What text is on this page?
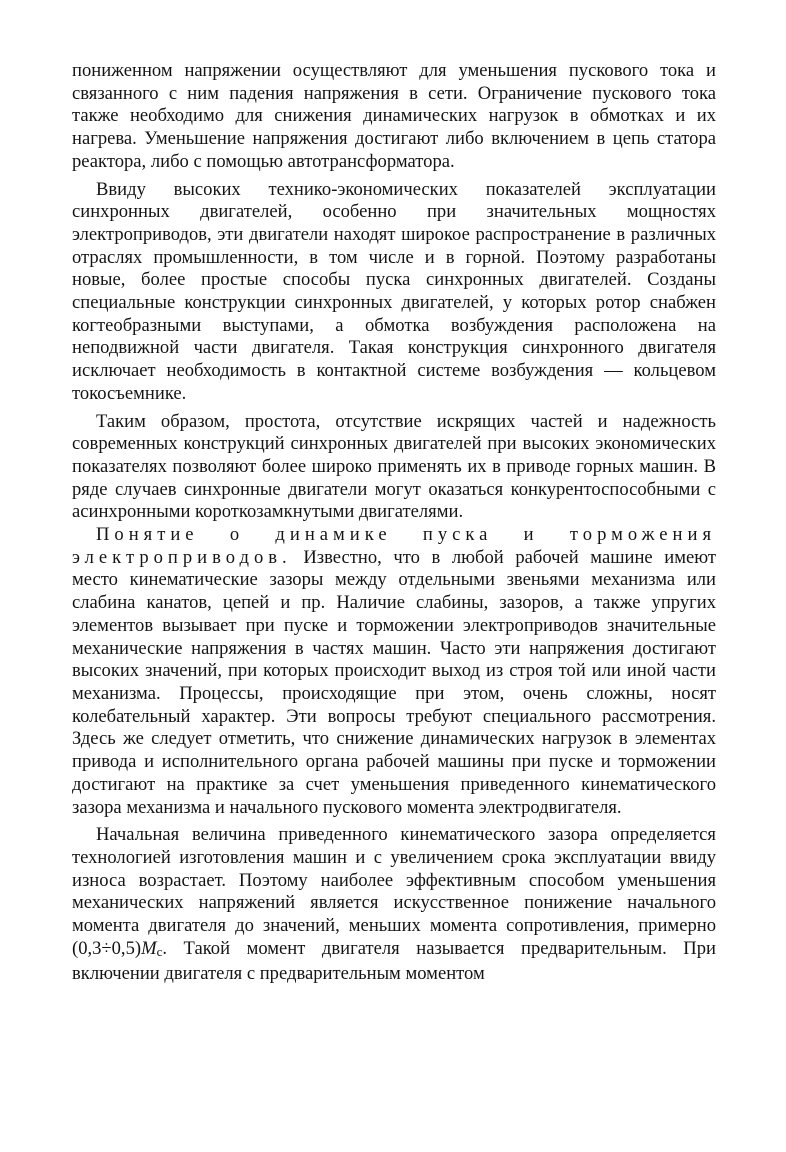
пониженном напряжении осуществляют для уменьшения пускового тока и связанного с ним падения напряжения в сети. Ограничение пускового тока также необходимо для снижения динамических нагрузок в обмотках и их нагрева. Уменьшение напряжения достигают либо включением в цепь статора реактора, либо с помощью автотрансформатора.

Ввиду высоких технико-экономических показателей эксплуатации синхронных двигателей, особенно при значительных мощностях электроприводов, эти двигатели находят широкое распространение в различных отраслях промышленности, в том числе и в горной. Поэтому разработаны новые, более простые способы пуска синхронных двигателей. Созданы специальные конструкции синхронных двигателей, у которых ротор снабжен когтеобразными выступами, а обмотка возбуждения расположена на неподвижной части двигателя. Такая конструкция синхронного двигателя исключает необходимость в контактной системе возбуждения — кольцевом токосъемнике.

Таким образом, простота, отсутствие искрящих частей и надежность современных конструкций синхронных двигателей при высоких экономических показателях позволяют более широко применять их в приводе горных машин. В ряде случаев синхронные двигатели могут оказаться конкурентоспособными с асинхронными короткозамкнутыми двигателями.

Понятие о динамике пуска и торможения электроприводов. Известно, что в любой рабочей машине имеют место кинематические зазоры между отдельными звеньями механизма или слабина канатов, цепей и пр. Наличие слабины, зазоров, а также упругих элементов вызывает при пуске и торможении электроприводов значительные механические напряжения в частях машин. Часто эти напряжения достигают высоких значений, при которых происходит выход из строя той или иной части механизма. Процессы, происходящие при этом, очень сложны, носят колебательный характер. Эти вопросы требуют специального рассмотрения. Здесь же следует отметить, что снижение динамических нагрузок в элементах привода и исполнительного органа рабочей машины при пуске и торможении достигают на практике за счет уменьшения приведенного кинематического зазора механизма и начального пускового момента электродвигателя.

Начальная величина приведенного кинематического зазора определяется технологией изготовления машин и с увеличением срока эксплуатации ввиду износа возрастает. Поэтому наиболее эффективным способом уменьшения механических напряжений является искусственное понижение начального момента двигателя до значений, меньших момента сопротивления, примерно (0,3÷0,5)Mc. Такой момент двигателя называется предварительным. При включении двигателя с предварительным моментом
